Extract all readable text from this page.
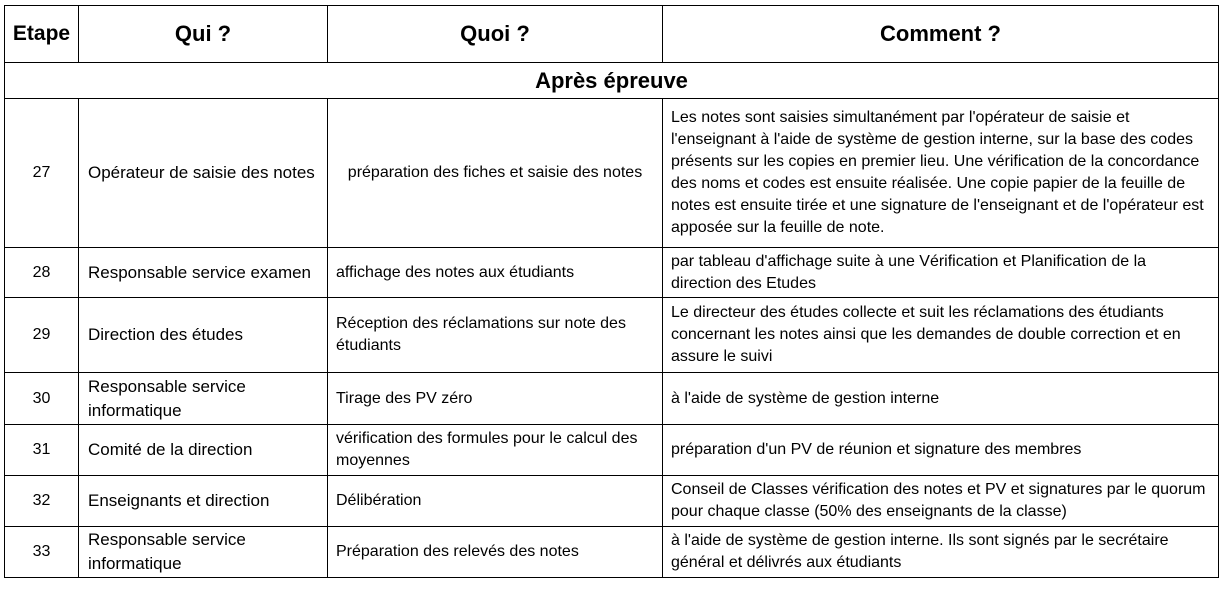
Etape	Qui ?	Quoi ?	Comment ?
Après épreuve			
27	Opérateur de saisie des notes	préparation des fiches et saisie des notes	Les notes sont saisies simultanément par l'opérateur de saisie et l'enseignant à l'aide de système de gestion interne, sur la base des codes présents sur les copies en premier lieu. Une vérification de la concordance des noms et codes est ensuite réalisée. Une copie papier de la feuille de notes est ensuite tirée et une signature de l'enseignant et de l'opérateur est apposée sur la feuille de note.
28	Responsable service examen	affichage des notes aux étudiants	par tableau d'affichage suite à une Vérification et Planification de la direction des Etudes
29	Direction des études	Réception des réclamations sur note des étudiants	Le directeur des études collecte et suit les réclamations des étudiants concernant les notes ainsi que les demandes de double correction et en assure le suivi
30	Responsable service informatique	Tirage des PV zéro	à l'aide de système de gestion interne
31	Comité de la direction	vérification des formules pour le calcul des moyennes	préparation d'un PV de réunion et signature des membres
32	Enseignants et direction	Délibération	Conseil de Classes vérification des notes et PV et signatures par le quorum pour chaque classe (50% des enseignants de la classe)
33	Responsable service informatique	Préparation des relevés des notes	à l'aide de système de gestion interne. Ils sont signés par le secrétaire général et délivrés aux étudiants
